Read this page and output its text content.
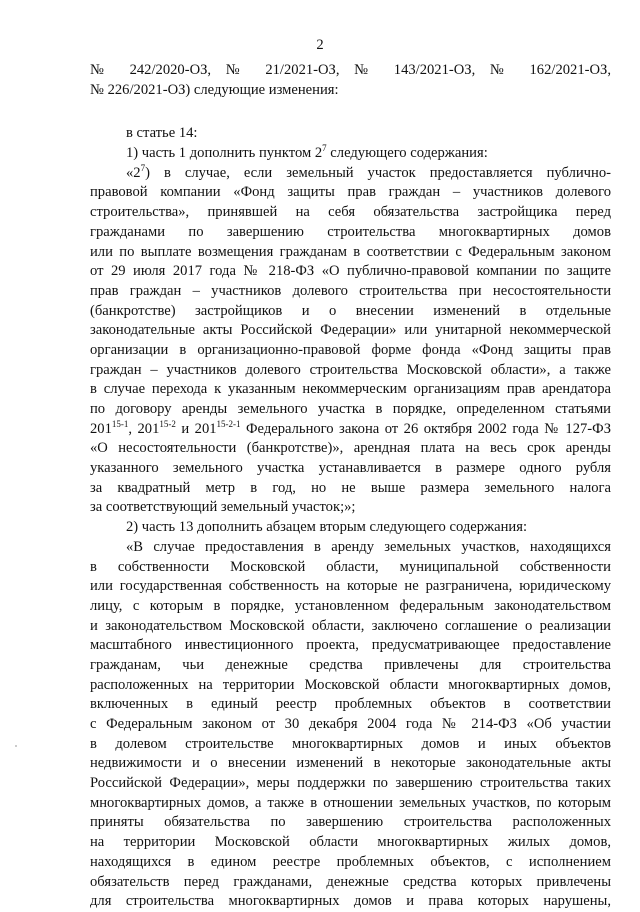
2
№ 242/2020-ОЗ, № 21/2021-ОЗ, № 143/2021-ОЗ, № 162/2021-ОЗ,
№ 226/2021-ОЗ) следующие изменения:
в статье 14:
1) часть 1 дополнить пунктом $2^7$ следующего содержания:
«$2^7$) в случае, если земельный участок предоставляется публично-
правовой компании «Фонд защиты прав граждан – участников долевого
строительства», принявшей на себя обязательства застройщика перед
гражданами по завершению строительства многоквартирных домов
или по выплате возмещения гражданам в соответствии с Федеральным законом
от 29 июля 2017 года № 218-ФЗ «О публично-правовой компании по защите
прав граждан – участников долевого строительства при несостоятельности
(банкротстве) застройщиков и о внесении изменений в отдельные
законодательные акты Российской Федерации» или унитарной некоммерческой
организации в организационно-правовой форме фонда «Фонд защиты прав
граждан – участников долевого строительства Московской области», а также
в случае перехода к указанным некоммерческим организациям прав арендатора
по договору аренды земельного участка в порядке, определенном статьями
201$^{15-1}$, 201$^{15-2}$ и 201$^{15-2-1}$ Федерального закона от 26 октября 2002 года № 127-ФЗ
«О несостоятельности (банкротстве)», арендная плата на весь срок аренды
указанного земельного участка устанавливается в размере одного рубля
за квадратный метр в год, но не выше размера земельного налога
за соответствующий земельный участок;»;
2) часть 13 дополнить абзацем вторым следующего содержания:
«В случае предоставления в аренду земельных участков, находящихся
в собственности Московской области, муниципальной собственности
или государственная собственность на которые не разграничена, юридическому
лицу, с которым в порядке, установленном федеральным законодательством
и законодательством Московской области, заключено соглашение о реализации
масштабного инвестиционного проекта, предусматривающее предоставление
гражданам, чьи денежные средства привлечены для строительства
расположенных на территории Московской области многоквартирных домов,
включенных в единый реестр проблемных объектов в соответствии
с Федеральным законом от 30 декабря 2004 года № 214-ФЗ «Об участии
в долевом строительстве многоквартирных домов и иных объектов
недвижимости и о внесении изменений в некоторые законодательные акты
Российской Федерации», меры поддержки по завершению строительства таких
многоквартирных домов, а также в отношении земельных участков, по которым
приняты обязательства по завершению строительства расположенных
на территории Московской области многоквартирных жилых домов,
находящихся в едином реестре проблемных объектов, с исполнением
обязательств перед гражданами, денежные средства которых привлечены
для строительства многоквартирных домов и права которых нарушены,
